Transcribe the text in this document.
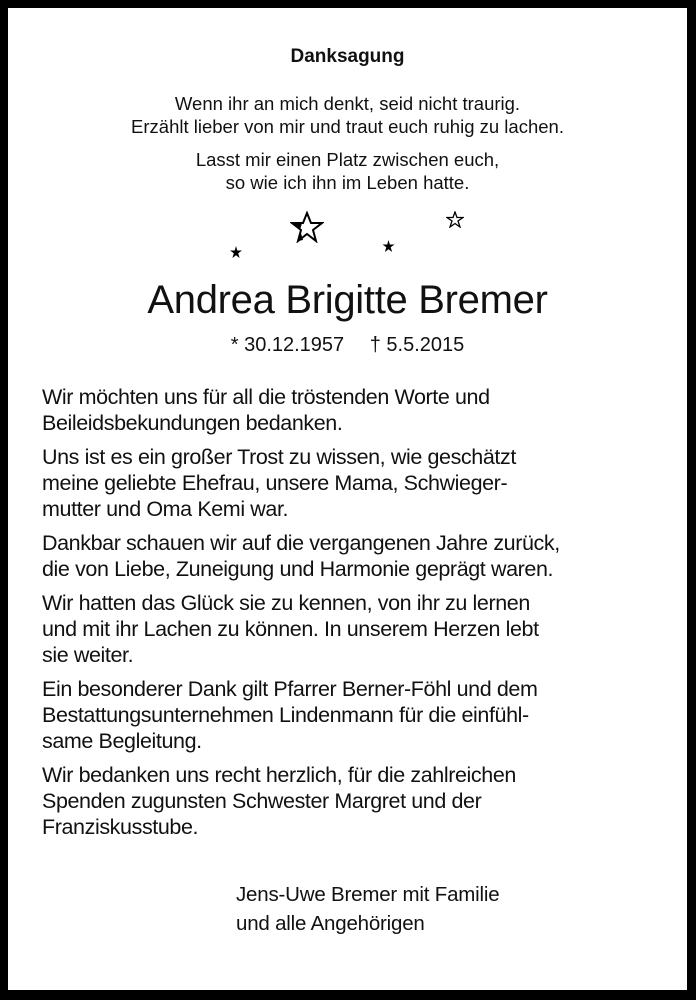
Danksagung
Wenn ihr an mich denkt, seid nicht traurig.
Erzählt lieber von mir und traut euch ruhig zu lachen.
Lasst mir einen Platz zwischen euch,
so wie ich ihn im Leben hatte.
Andrea Brigitte Bremer
* 30.12.1957 † 5.5.2015

Wir möchten uns für all die tröstenden Worte und
Beileidsbekundungen bedanken.

Uns ist es ein großer Trost zu wissen, wie geschätzt
meine geliebte Ehefrau, unsere Mama, Schwieger-
mutter und Oma Kemi war.

Dankbar schauen wir auf die vergangenen Jahre zurück,
die von Liebe, Zuneigung und Harmonie geprägt waren.

Wir hatten das Glück sie zu kennen, von ihr zu lernen
und mit ihr Lachen zu können. In unserem Herzen lebt
sie weiter.

Ein besonderer Dank gilt Pfarrer Berner-Föhl und dem
Bestattungsunternehmen Lindenmann für die einfühl-
same Begleitung.

Wir bedanken uns recht herzlich, für die zahlreichen
Spenden zugunsten Schwester Margret und der
Franziskusstube.

Jens-Uwe Bremer mit Familie
und alle Angehörigen
